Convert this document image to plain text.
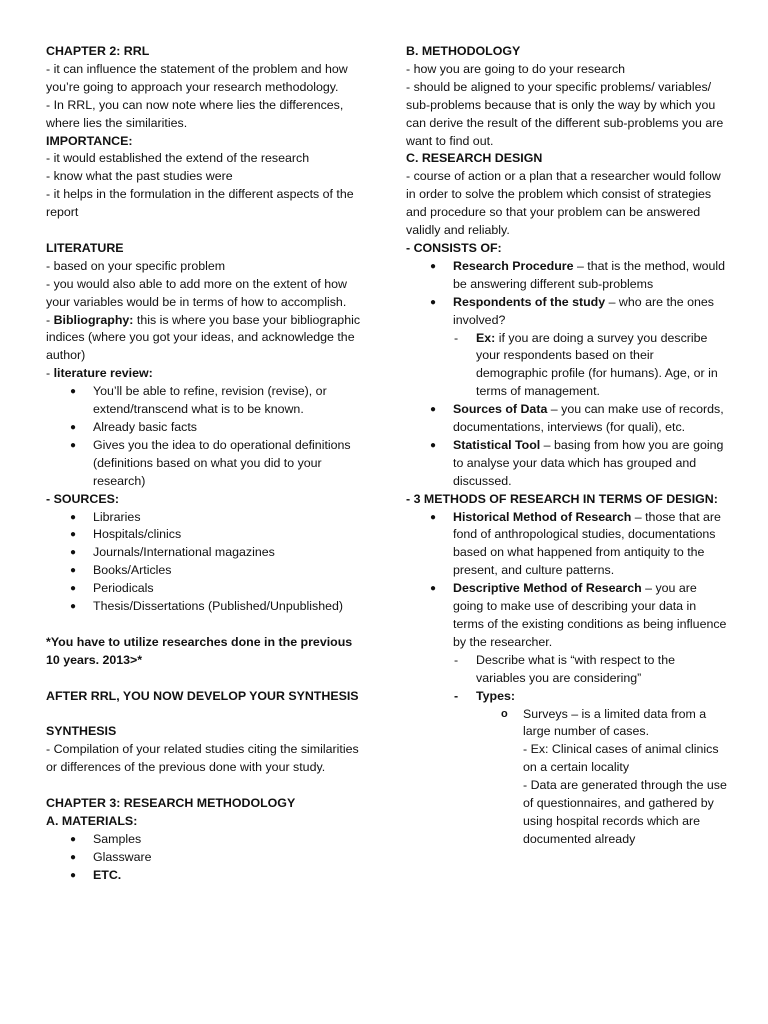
CHAPTER 2: RRL
- it can influence the statement of the problem and how you’re going to approach your research methodology.
- In RRL, you can now note where lies the differences, where lies the similarities.
IMPORTANCE:
- it would established the extend of the research
- know what the past studies were
- it helps in the formulation in the different aspects of the report
LITERATURE
- based on your specific problem
- you would also able to add more on the extent of how your variables would be in terms of how to accomplish.
- Bibliography: this is where you base your bibliographic indices (where you got your ideas, and acknowledge the author)
- literature review:
● You’ll be able to refine, revision (revise), or extend/transcend what is to be known.
● Already basic facts
● Gives you the idea to do operational definitions (definitions based on what you did to your research)
- SOURCES:
● Libraries
● Hospitals/clinics
● Journals/International magazines
● Books/Articles
● Periodicals
● Thesis/Dissertations (Published/Unpublished)
*You have to utilize researches done in the previous 10 years. 2013>*
AFTER RRL, YOU NOW DEVELOP YOUR SYNTHESIS
SYNTHESIS
- Compilation of your related studies citing the similarities or differences of the previous done with your study.
CHAPTER 3: RESEARCH METHODOLOGY
A. MATERIALS:
● Samples
● Glassware
● ETC.
B. METHODOLOGY
- how you are going to do your research
- should be aligned to your specific problems/ variables/ sub-problems because that is only the way by which you can derive the result of the different sub-problems you are want to find out.
C. RESEARCH DESIGN
- course of action or a plan that a researcher would follow in order to solve the problem which consist of strategies and procedure so that your problem can be answered validly and reliably.
- CONSISTS OF:
● Research Procedure – that is the method, would be answering different sub-problems
● Respondents of the study – who are the ones involved?
- Ex: if you are doing a survey you describe your respondents based on their demographic profile (for humans). Age, or in terms of management.
● Sources of Data – you can make use of records, documentations, interviews (for quali), etc.
● Statistical Tool – basing from how you are going to analyse your data which has grouped and discussed.
- 3 METHODS OF RESEARCH IN TERMS OF DESIGN:
● Historical Method of Research – those that are fond of anthropological studies, documentations based on what happened from antiquity to the present, and culture patterns.
● Descriptive Method of Research – you are going to make use of describing your data in terms of the existing conditions as being influence by the researcher.
- Describe what is “with respect to the variables you are considering”
- Types:
o Surveys – is a limited data from a large number of cases.
- Ex: Clinical cases of animal clinics on a certain locality
- Data are generated through the use of questionnaires, and gathered by using hospital records which are documented already
